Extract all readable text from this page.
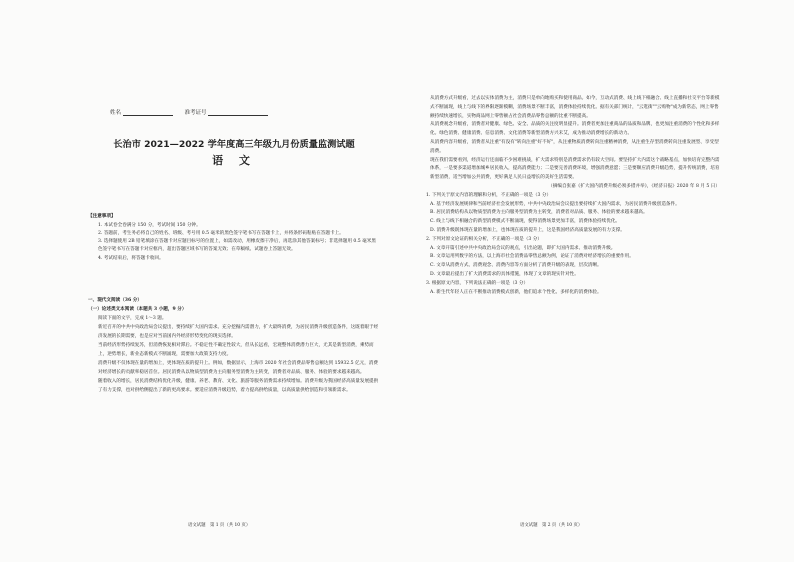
姓名	准考证号
长治市 2021—2022 学年度高三年级九月份质量监测试题
语 文
【注意事项】
1. 本试卷全卷满分 150 分，考试时间 150 分钟。
2. 答题前，考生务必将自己的姓名、班级、考号用 0.5 毫米的黑色签字笔书写在答题卡上，并将条形码粘贴在答题卡上。
3. 选择题使用 2B 铅笔填涂在答题卡对应题目标号的位置上，如需改动，用橡皮擦干净后，再选涂其他答案标号；非选择题用 0.5 毫米黑色签字笔书写在答题卡对应框内，超出答题区域书写的答案无效；在草稿纸、试题卷上答题无效。
4. 考试结束后，将答题卡收回。
一、现代文阅读（36 分）
（一）论述类文本阅读（本题共 3 小题，9 分）
阅读下面的文字，完成 1～3 题。
新近召开的中共中央政治局会议提出，要持续扩大国内需求。充分挖掘内需潜力，扩大最终消费，为居民消费升级创造条件，这既着眼于经济发展的长期需要，也是应对当前国内外经济形势变化的现实选择。
当前经济形势持续复苏，但消费恢复相对滞后。不稳定性不确定性较大，但从长远看，宏观整体消费潜力巨大，尤其是新型消费，乘势而上，逆势增长，新业态新模式不断涌现，需要加大政策支持力度。
消费升级不仅体现在量的增加上，更体现在质的提升上。例如，数据显示，上海市 2020 年社会消费品零售总额达到 15932.5 亿元，消费对经济增长的贡献率稳居首位。居民消费从以物质型消费为主向服务型消费为主转变，消费者对品质、服务、体验的要求越来越高。
随着收入的增长，居民消费结构优化升级，健康、养老、教育、文化、旅游等服务消费需求持续增加。消费升级为我国经济高质量发展提供了有力支撑，也对供给侧提出了新的更高要求。要适应消费升级趋势，着力提高供给质量，以高质量供给创造和引领新需求。
语文试题　第 1 页（共 10 页）
从消费方式升级看，过去以实体消费为主，消费只是单向地购买和使用商品。如今，互动式消费、线上线下相融合、线上直播和社交平台等新模式不断涌现，线上与线下的界限逐渐模糊，消费场景不断丰富，消费体验持续优化。据有关部门统计，"云逛街""云购物"成为新常态，网上零售额持续快速增长，实物商品网上零售额占社会消费品零售总额的比重不断提高。
从消费观念升级看，消费者对健康、绿色、安全、品质的关注度明显提升。消费者更加注重商品的品质和品牌，也更加注重消费的个性化和多样化。绿色消费、健康消费、信息消费、文化消费等新型消费方兴未艾，成为推动消费增长的新动力。
从消费内容升级看，消费者从注重"有没有"转向注重"好不好"，从注重物质消费转向注重精神消费，从注重生存型消费转向注重发展型、享受型消费。
现在我们需要看到，经济运行还面临不少困难挑战，扩大需求特别是消费需求仍有较大空间。要坚持扩大内需这个战略基点，加快培育完整内需体系，一是要多渠道增加城乡居民收入，提高消费能力；二是要完善消费环境，增强消费意愿；三是要顺应消费升级趋势，提升传统消费，培育新型消费，适当增加公共消费，更好满足人民日益增长的美好生活需要。
（摘编自张嘉《扩大国内消费升级必须多措并举》，《经济日报》2020 年 8 月 5 日）
1. 下列关于原文内容的理解和分析，不正确的一项是（3 分）
A. 基于经济发展规律和当前经济社会发展形势，中共中央政治局会议提出要持续扩大国内需求，为居民消费升级创造条件。
B. 居民消费结构从以物质型消费为主向服务型消费为主转变，消费者对品质、服务、体验的要求越来越高。
C. 线上与线下相融合的新型消费模式不断涌现，使得消费场景更加丰富，消费体验持续优化。
D. 消费升级既体现在量的增加上，也体现在质的提升上，这是我国经济高质量发展的有力支撑。
2. 下列对原文论证的相关分析，不正确的一项是（3 分）
A. 文章开篇引述中共中央政治局会议的观点，引出论题，即扩大国内需求、推动消费升级。
B. 文章运用列数字的方法，以上海市社会消费品零售总额为例，论证了消费对经济增长的重要作用。
C. 文章从消费方式、消费观念、消费内容等方面分析了消费升级的表现，层次清晰。
D. 文章最后提出了扩大消费需求的具体措施，体现了文章的现实针对性。
3. 根据原文内容，下列说法正确的一项是（3 分）
A. 新生代年轻人正在不断推动消费模式创新，他们追求个性化、多样化的消费体验。
语文试题　第 2 页（共 10 页）
